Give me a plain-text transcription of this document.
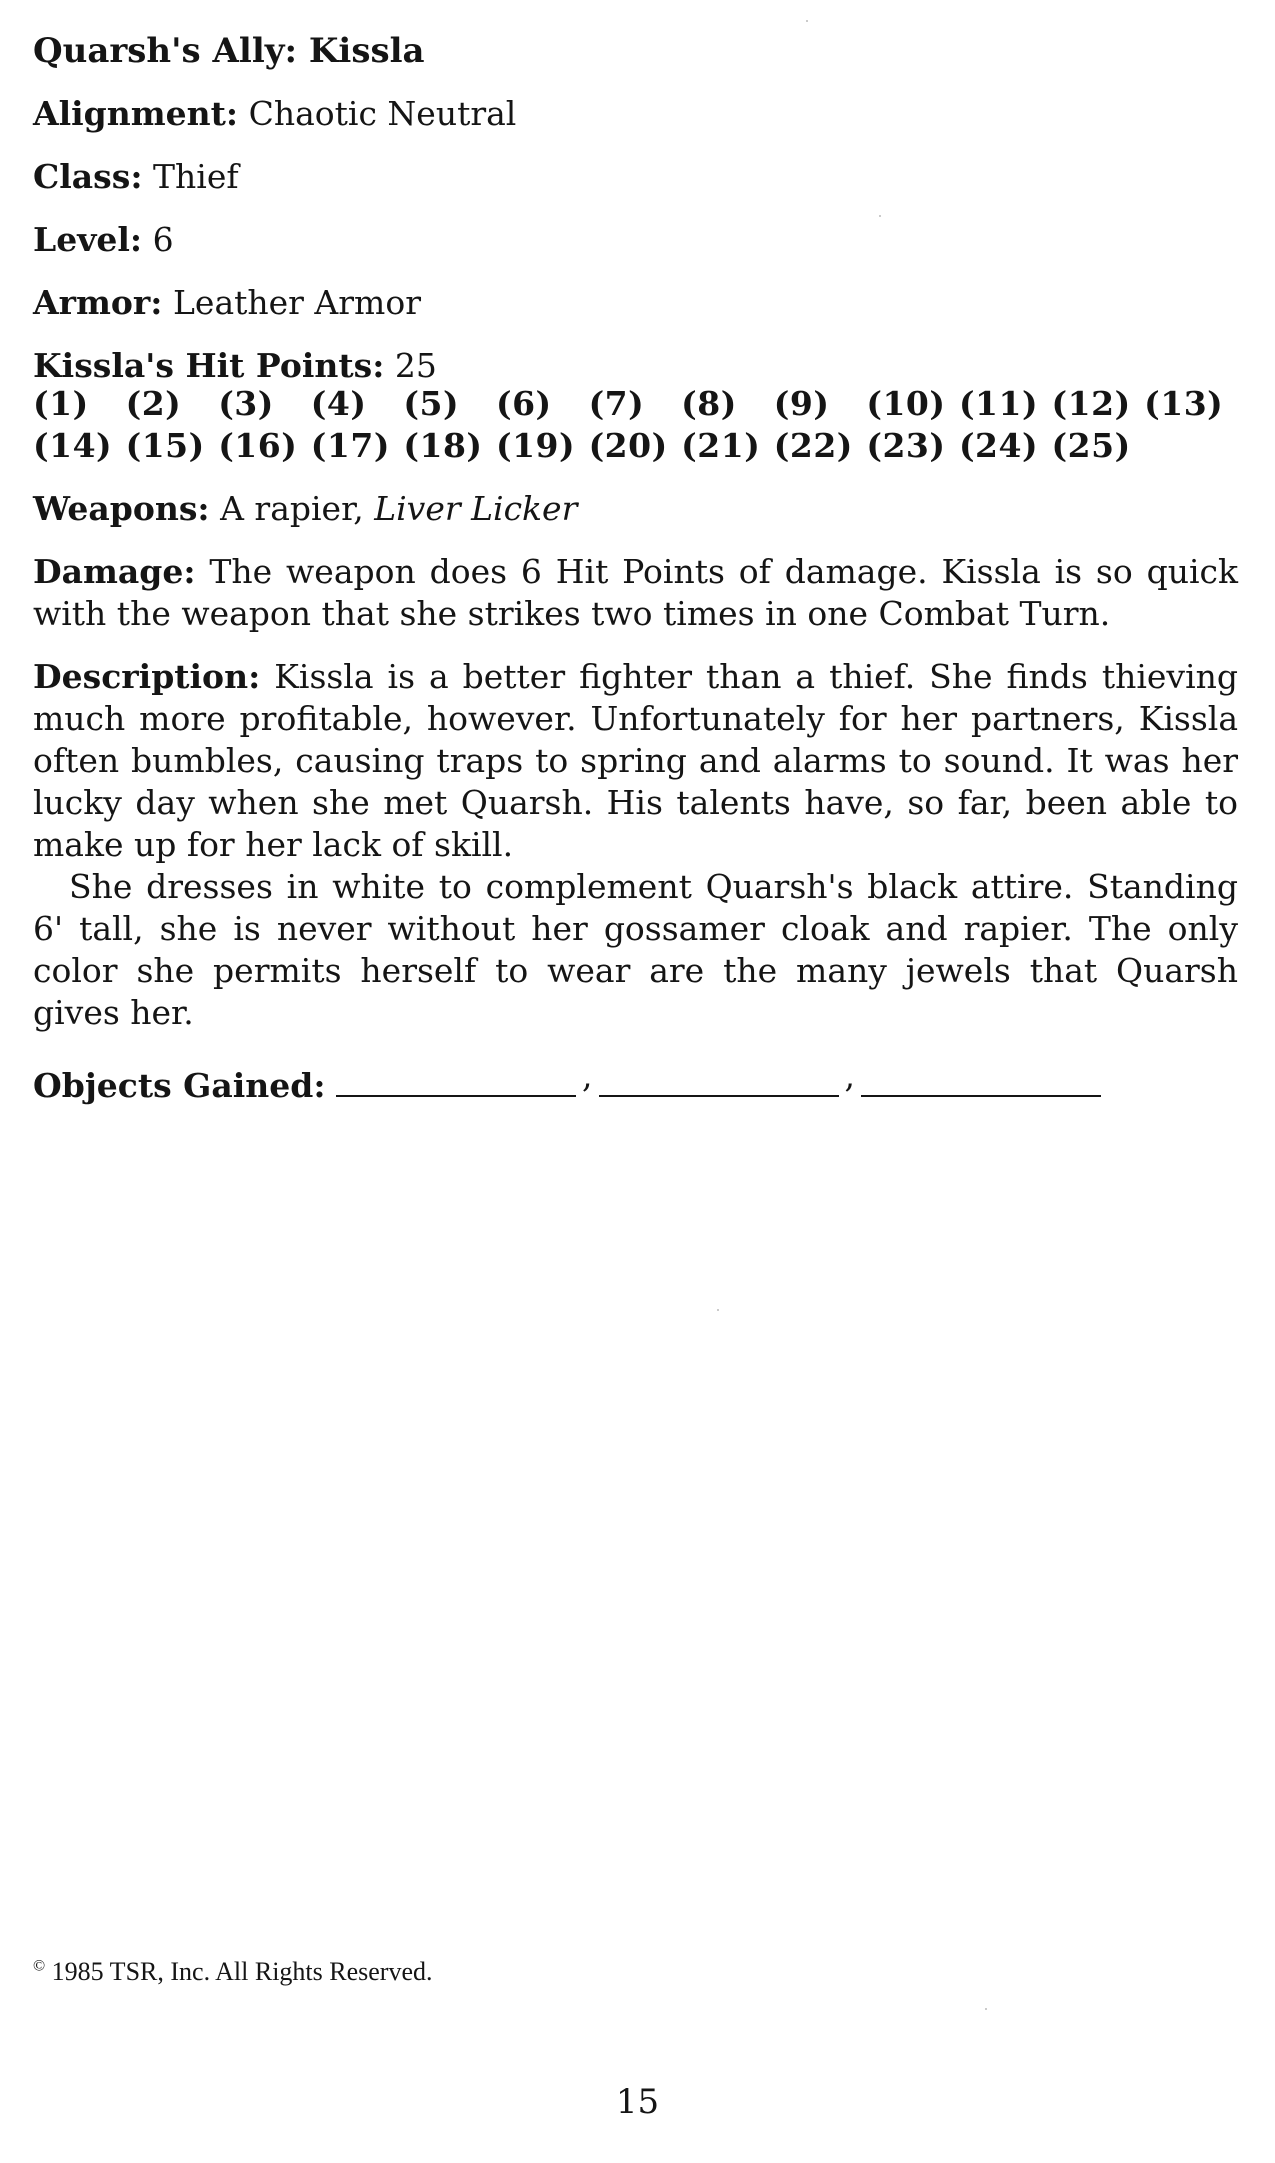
Quarsh's Ally: Kissla
Alignment: Chaotic Neutral
Class: Thief
Level: 6
Armor: Leather Armor
Kissla's Hit Points: 25
(1)	(2)	(3)	(4)	(5)	(6)	(7)	(8)	(9)	(10) (11) (12) (13)
(14) (15) (16) (17) (18) (19) (20) (21) (22) (23) (24) (25)
Weapons: A rapier, Liver Licker

Damage: The weapon does 6 Hit Points of damage. Kissla is so quick with the weapon that she strikes two times in one Combat Turn.

Description: Kissla is a better fighter than a thief. She finds thieving much more profitable, however. Unfortunately for her partners, Kissla often bumbles, causing traps to spring and alarms to sound. It was her lucky day when she met Quarsh. His talents have, so far, been able to make up for her lack of skill.

She dresses in white to complement Quarsh's black attire. Standing 6' tall, she is never without her gossamer cloak and rapier. The only color she permits herself to wear are the many jewels that Quarsh gives her.

Objects Gained:	,	,
© 1985 TSR, Inc. All Rights Reserved.
15
